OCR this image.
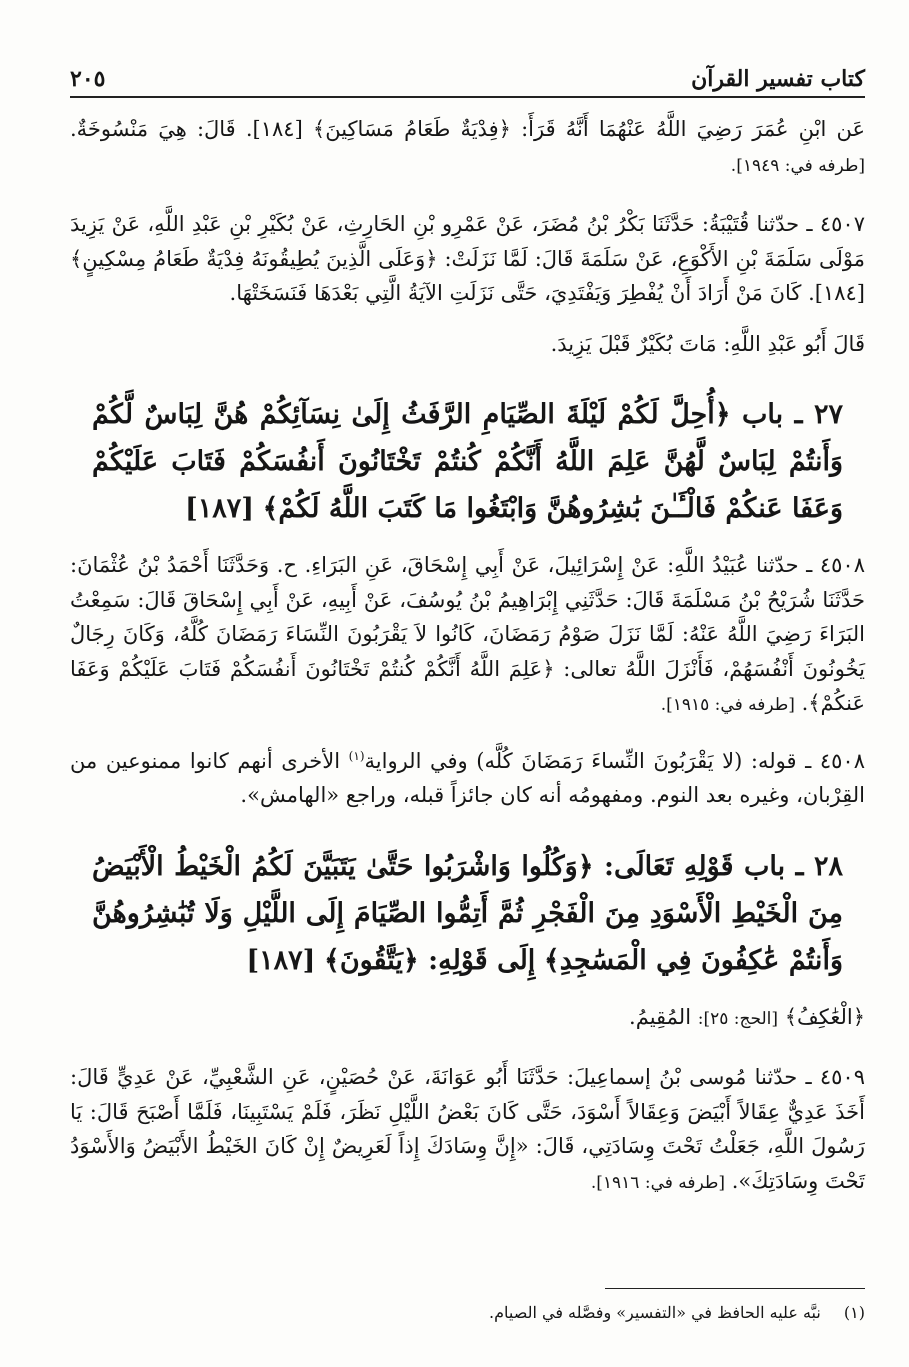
كتاب تفسير القرآن
٢٠٥

عَن ابْنِ عُمَرَ رَضِيَ اللَّهُ عَنْهُمَا أَنَّهُ قَرَأَ: ﴿فِدْيَةٌ طَعَامُ مَسَاكِينَ﴾ [١٨٤]. قَالَ: هِيَ مَنْسُوخَةٌ. [طرفه في: ١٩٤٩].

٤٥٠٧ ـ حدّثنا قُتَيْبَةُ: حَدَّثَنَا بَكْرُ بْنُ مُضَرَ، عَنْ عَمْرِو بْنِ الحَارِثِ، عَنْ بُكَيْرِ بْنِ عَبْدِ اللَّهِ، عَنْ يَزِيدَ مَوْلَى سَلَمَةَ بْنِ الأَكْوَعِ، عَنْ سَلَمَةَ قَالَ: لَمَّا نَزَلَتْ: ﴿وَعَلَى الَّذِينَ يُطِيقُونَهُ فِدْيَةٌ طَعَامُ مِسْكِينٍ﴾ [١٨٤]. كَانَ مَنْ أَرَادَ أَنْ يُفْطِرَ وَيَفْتَدِيَ، حَتَّى نَزَلَتِ الآيَةُ الَّتِي بَعْدَهَا فَنَسَخَتْهَا.

قَالَ أَبُو عَبْدِ اللَّهِ: مَاتَ بُكَيْرٌ قَبْلَ يَزِيدَ.

٢٧ ـ باب ﴿أُحِلَّ لَكُمْ لَيْلَةَ الصِّيَامِ الرَّفَثُ إِلَىٰ نِسَآئِكُمْ هُنَّ لِبَاسٌ لَّكُمْ وَأَنتُمْ لِبَاسٌ لَّهُنَّ عَلِمَ اللَّهُ أَنَّكُمْ كُنتُمْ تَخْتَانُونَ أَنفُسَكُمْ فَتَابَ عَلَيْكُمْ وَعَفَا عَنكُمْ فَالْـَٔـٰنَ بَٰشِرُوهُنَّ وَابْتَغُوا مَا كَتَبَ اللَّهُ لَكُمْ﴾ [١٨٧]

٤٥٠٨ ـ حدّثنا عُبَيْدُ اللَّهِ: عَنْ إِسْرَائِيلَ، عَنْ أَبِي إِسْحَاقَ، عَنِ البَرَاءِ. ح. وَحَدَّثَنَا أَحْمَدُ بْنُ عُثْمَانَ: حَدَّثَنَا شُرَيْحُ بْنُ مَسْلَمَةَ قَالَ: حَدَّثَنِي إِبْرَاهِيمُ بْنُ يُوسُفَ، عَنْ أَبِيهِ، عَنْ أَبِي إِسْحَاقَ قَالَ: سَمِعْتُ البَرَاءَ رَضِيَ اللَّهُ عَنْهُ: لَمَّا نَزَلَ صَوْمُ رَمَضَانَ، كَانُوا لاَ يَقْرَبُونَ النِّسَاءَ رَمَضَانَ كُلَّهُ، وَكَانَ رِجَالٌ يَخُونُونَ أَنْفُسَهُمْ، فَأَنْزَلَ اللَّهُ تعالى: ﴿عَلِمَ اللَّهُ أَنَّكُمْ كُنتُمْ تَخْتَانُونَ أَنفُسَكُمْ فَتَابَ عَلَيْكُمْ وَعَفَا عَنكُمْ﴾. [طرفه في: ١٩١٥].

٤٥٠٨ ـ قوله: (لا يَقْرَبُونَ النِّساءَ رَمَضَانَ كُلَّه) وفي الرواية$^{(١)}$ الأخرى أنهم كانوا ممنوعين من القِرْبان، وغيره بعد النوم. ومفهومُه أنه كان جائزاً قبله، وراجع «الهامش».

٢٨ ـ باب قَوْلِهِ تَعَالَى: ﴿وَكُلُوا وَاشْرَبُوا حَتَّىٰ يَتَبَيَّنَ لَكُمُ الْخَيْطُ الْأَبْيَضُ مِنَ الْخَيْطِ الْأَسْوَدِ مِنَ الْفَجْرِ ثُمَّ أَتِمُّوا الصِّيَامَ إِلَى اللَّيْلِ وَلَا تُبَٰشِرُوهُنَّ وَأَنتُمْ عَٰكِفُونَ فِي الْمَسَٰجِدِ﴾ إِلَى قَوْلِهِ: ﴿يَتَّقُونَ﴾ [١٨٧]

﴿الْعَٰكِفُ﴾ [الحج: ٢٥]: المُقِيمُ.

٤٥٠٩ ـ حدّثنا مُوسى بْنُ إسماعِيلَ: حَدَّثَنَا أَبُو عَوَانَةَ، عَنْ حُصَيْنٍ، عَنِ الشَّعْبِيِّ، عَنْ عَدِيٍّ قَالَ: أَخَذَ عَدِيٌّ عِقَالاً أَبْيَضَ وَعِقَالاً أَسْوَدَ، حَتَّى كَانَ بَعْضُ اللَّيْلِ نَظَرَ، فَلَمْ يَسْتَبِينَا، فَلَمَّا أَصْبَحَ قَالَ: يَا رَسُولَ اللَّهِ، جَعَلْتُ تَحْتَ وِسَادَتِي، قَالَ: «إِنَّ وِسَادَكَ إِذاً لَعَرِيضٌ إِنْ كَانَ الخَيْطُ الأَبْيَضُ وَالأَسْوَدُ تَحْتَ وِسَادَتِكَ». [طرفه في: ١٩١٦].

(١) نبَّه عليه الحافظ في «التفسير» وفصَّله في الصيام.
